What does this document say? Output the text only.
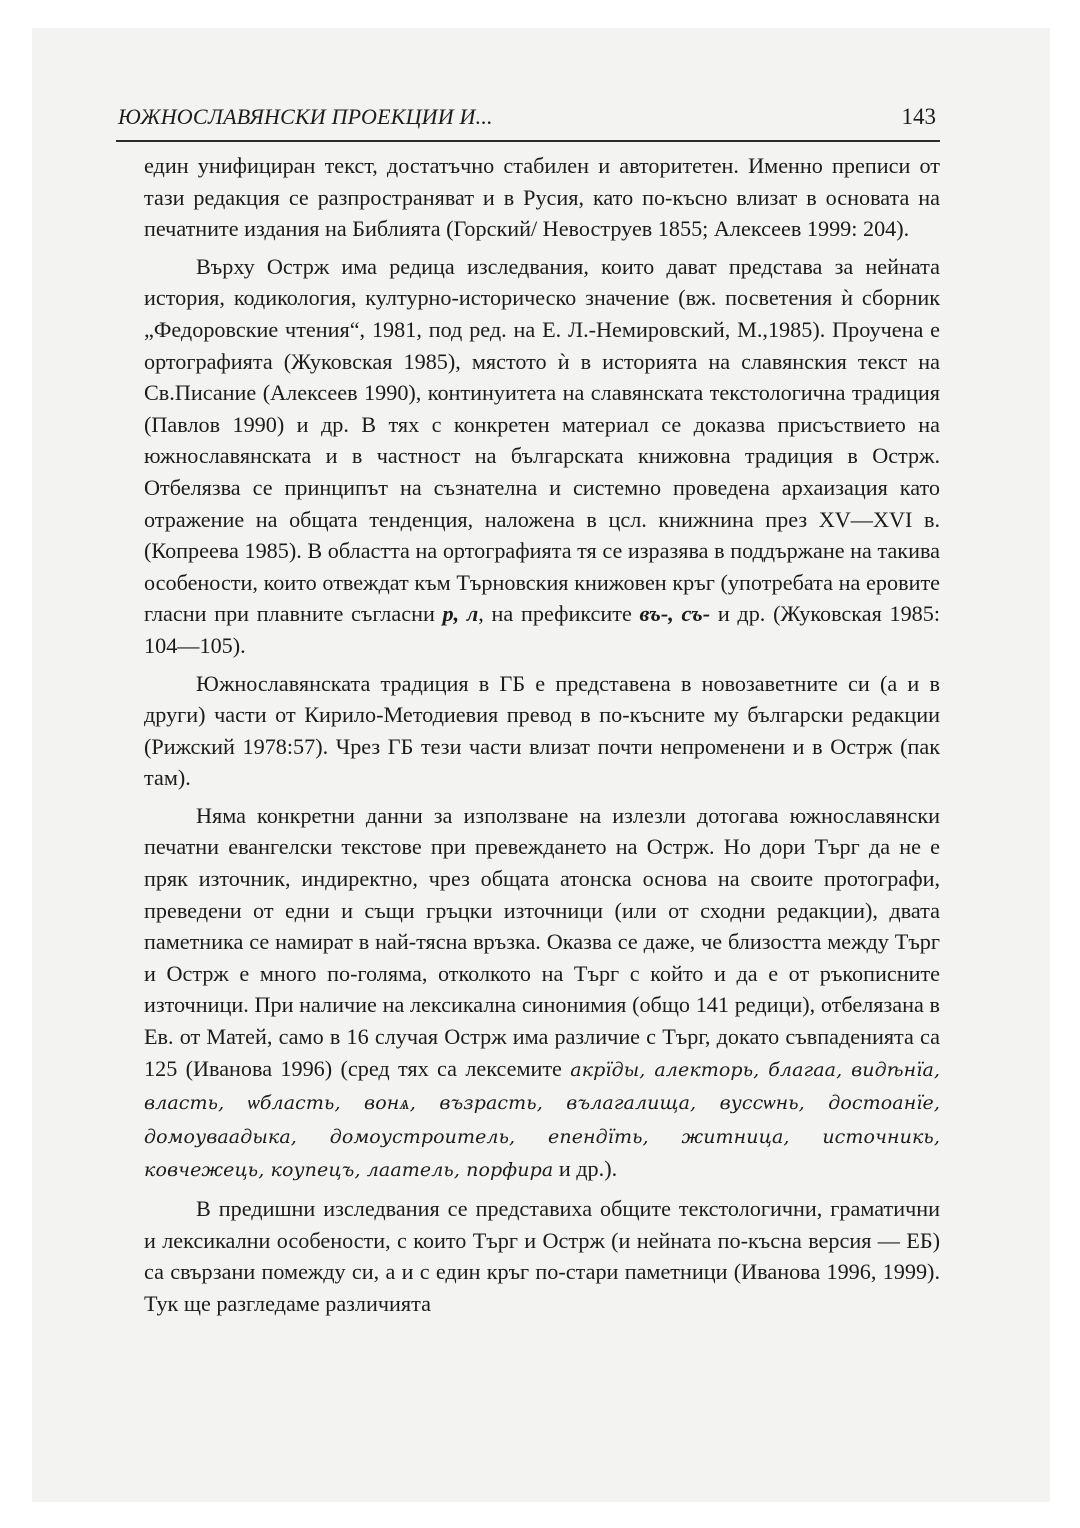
ЮЖНОСЛАВЯНСКИ ПРОЕКЦИИ И...	143

един унифициран текст, достатъчно стабилен и авторитетен. Именно преписи от тази редакция се разпространяват и в Русия, като по-късно влизат в основата на печатните издания на Библията (Горский/ Невоструев 1855; Алексеев 1999: 204).

Върху Острж има редица изследвания, които дават представа за нейната история, кодикология, културно-историческо значение (вж. посветения ѝ сборник „Федоровские чтения“, 1981, под ред. на Е. Л.-Немировский, М.,1985). Проучена е ортографията (Жуковская 1985), мястото ѝ в историята на славянския текст на Св.Писание (Алексеев 1990), континуитета на славянската текстологична традиция (Павлов 1990) и др. В тях с конкретен материал се доказва присъствието на южнославянската и в частност на българската книжовна традиция в Острж. Отбелязва се принципът на съзнателна и системно проведена архаизация като отражение на общата тенденция, наложена в цсл. книжнина през XV—XVI в. (Копреева 1985). В областта на ортографията тя се изразява в поддържане на такива особености, които отвеждат към Търновския книжовен кръг (употребата на еровите гласни при плавните съгласни р, л, на префиксите въ-, съ- и др. (Жуковская 1985: 104—105).

Южнославянската традиция в ГБ е представена в новозаветните си (а и в други) части от Кирило-Методиевия превод в по-късните му български редакции (Рижский 1978:57). Чрез ГБ тези части влизат почти непроменени и в Острж (пак там).

Няма конкретни данни за използване на излезли дотогава южнославянски печатни евангелски текстове при превеждането на Острж. Но дори Търг да не е пряк източник, индиректно, чрез общата атонска основа на своите протографи, преведени от едни и същи гръцки източници (или от сходни редакции), двата паметника се намират в най-тясна връзка. Оказва се даже, че близостта между Търг и Острж е много по-голяма, отколкото на Търг с който и да е от ръкописните източници. При наличие на лексикална синонимия (общо 141 редици), отбелязана в Ев. от Матей, само в 16 случая Острж има различие с Търг, докато съвпаденията са 125 (Иванова 1996) (сред тях са лексемите акрїды, алекторь, благаа, видѣнїа, власть, ѡбласть, вонѧ, възрасть, вълагалища, вуссѡнь, достоанїе, домоуваадыка, домоустроитель, епендїть, житница, источникь, ковчежець, коупецъ, лаатель, порфира и др.).

В предишни изследвания се представиха общите текстологични, граматични и лексикални особености, с които Търг и Острж (и нейната по-късна версия — ЕБ) са свързани помежду си, а и с един кръг по-стари паметници (Иванова 1996, 1999). Тук ще разгледаме различията
